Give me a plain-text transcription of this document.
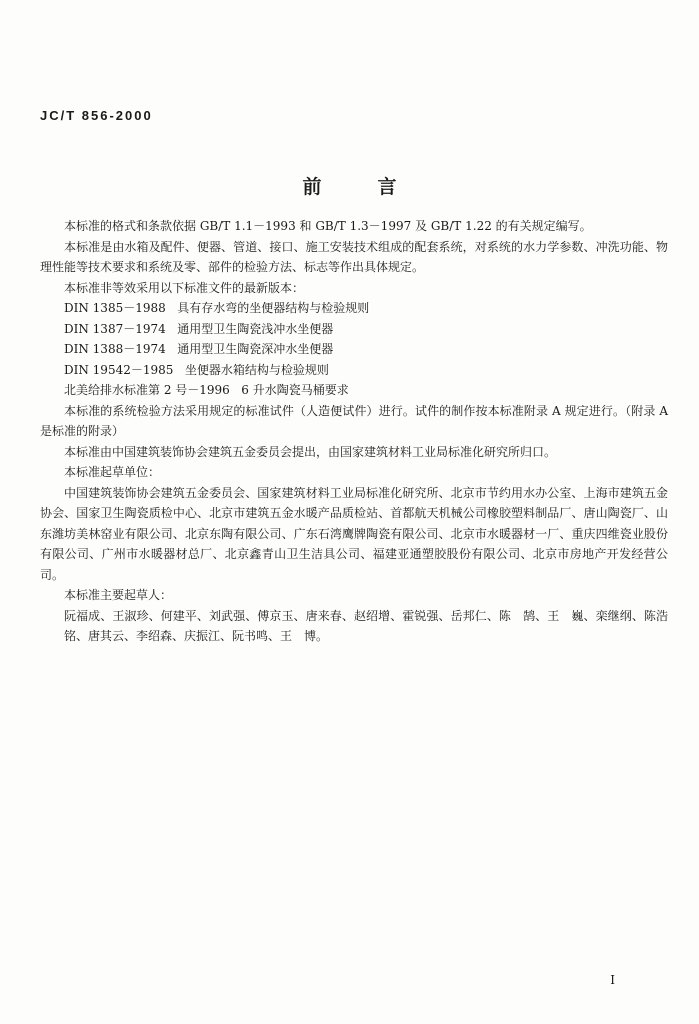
JC/T 856-2000
前	言

本标准的格式和条款依据 GB/T 1.1－1993 和 GB/T 1.3－1997 及 GB/T 1.22 的有关规定编写。

本标准是由水箱及配件、便器、管道、接口、施工安装技术组成的配套系统，对系统的水力学参数、冲洗功能、物理性能等技术要求和系统及零、部件的检验方法、标志等作出具体规定。

本标准非等效采用以下标准文件的最新版本：

DIN 1385－1988   具有存水弯的坐便器结构与检验规则

DIN 1387－1974   通用型卫生陶瓷浅冲水坐便器

DIN 1388－1974   通用型卫生陶瓷深冲水坐便器

DIN 19542－1985   坐便器水箱结构与检验规则

北美给排水标准第 2 号－1996   6 升水陶瓷马桶要求

本标准的系统检验方法采用规定的标准试件（人造便试件）进行。试件的制作按本标准附录 A 规定进行。（附录 A 是标准的附录）

本标准由中国建筑装饰协会建筑五金委员会提出，由国家建筑材料工业局标准化研究所归口。

本标准起草单位：

中国建筑装饰协会建筑五金委员会、国家建筑材料工业局标准化研究所、北京市节约用水办公室、上海市建筑五金协会、国家卫生陶瓷质检中心、北京市建筑五金水暖产品质检站、首都航天机械公司橡胶塑料制品厂、唐山陶瓷厂、山东潍坊美林窑业有限公司、北京东陶有限公司、广东石湾鹰牌陶瓷有限公司、北京市水暖器材一厂、重庆四维瓷业股份有限公司、广州市水暖器材总厂、北京鑫青山卫生洁具公司、福建亚通塑胶股份有限公司、北京市房地产开发经营公司。

本标准主要起草人：

阮福成、王淑珍、何建平、刘武强、傅京玉、唐来春、赵绍增、霍锐强、岳邦仁、陈　鹄、王　巍、栾继纲、陈浩铭、唐其云、李绍森、庆振江、阮书鸣、王　博。

I
